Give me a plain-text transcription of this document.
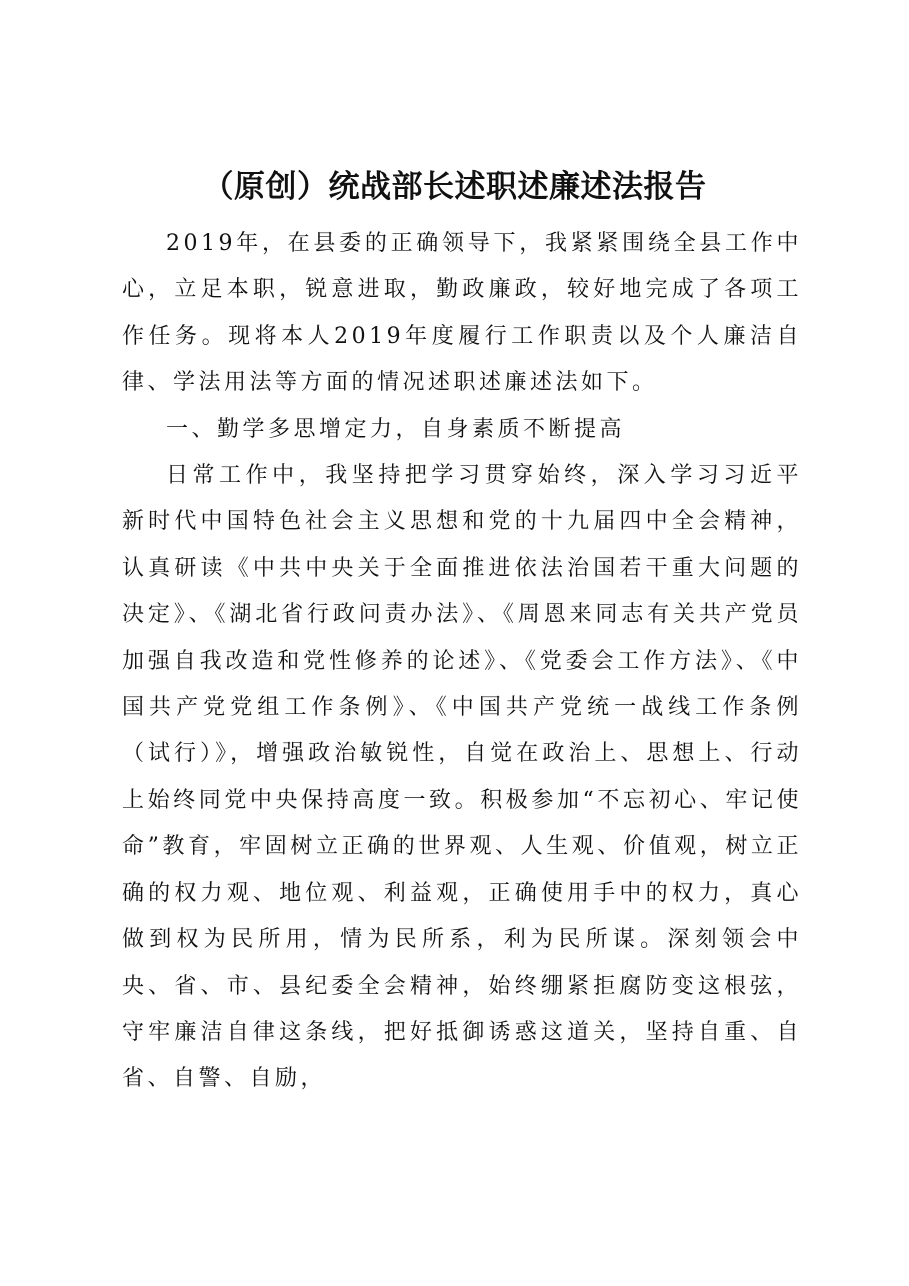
（原创）统战部长述职述廉述法报告

2019年，在县委的正确领导下，我紧紧围绕全县工作中心，立足本职，锐意进取，勤政廉政，较好地完成了各项工作任务。现将本人2019年度履行工作职责以及个人廉洁自律、学法用法等方面的情况述职述廉述法如下。

一、勤学多思增定力，自身素质不断提高

日常工作中，我坚持把学习贯穿始终，深入学习习近平新时代中国特色社会主义思想和党的十九届四中全会精神，认真研读《中共中央关于全面推进依法治国若干重大问题的决定》、《湖北省行政问责办法》、《周恩来同志有关共产党员加强自我改造和党性修养的论述》、《党委会工作方法》、《中国共产党党组工作条例》、《中国共产党统一战线工作条例（试行）》，增强政治敏锐性，自觉在政治上、思想上、行动上始终同党中央保持高度一致。积极参加“不忘初心、牢记使命”教育，牢固树立正确的世界观、人生观、价值观，树立正确的权力观、地位观、利益观，正确使用手中的权力，真心做到权为民所用，情为民所系，利为民所谋。深刻领会中央、省、市、县纪委全会精神，始终绷紧拒腐防变这根弦，守牢廉洁自律这条线，把好抵御诱惑这道关，坚持自重、自省、自警、自励，
